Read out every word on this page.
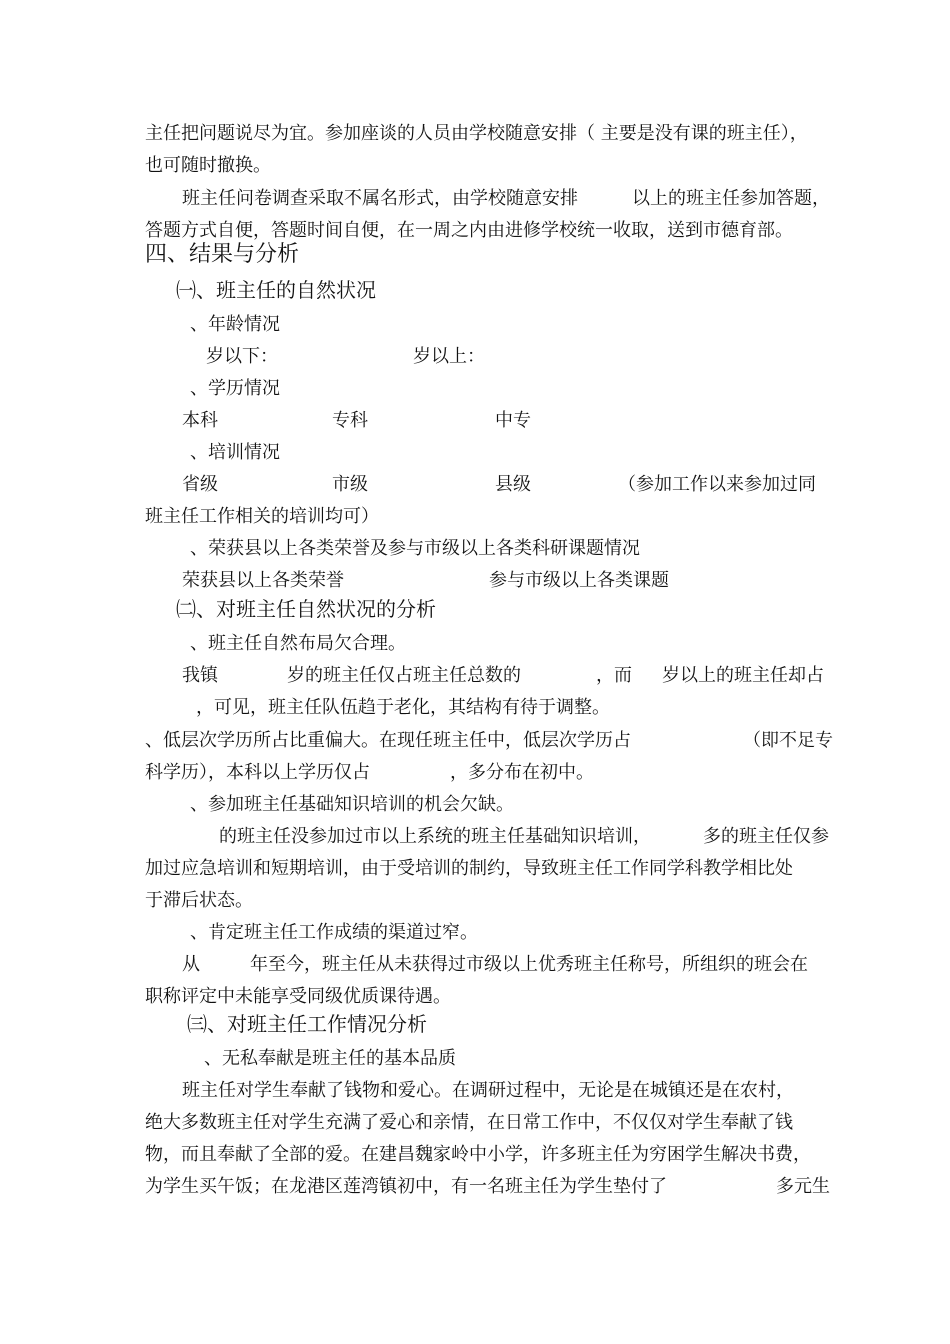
主任把问题说尽为宜。参加座谈的人员由学校随意安排（ 主要是没有课的班主任），
也可随时撤换。
班主任问卷调查采取不属名形式，由学校随意安排	以上的班主任参加答题，
答题方式自便，答题时间自便，在一周之内由进修学校统一收取，送到市德育部。
四、结果与分析
㈠、班主任的自然状况
、年龄情况
岁以下：	岁以上：
、学历情况
本科	专科	中专
、培训情况
省级	市级	县级	（参加工作以来参加过同
班主任工作相关的培训均可）
、荣获县以上各类荣誉及参与市级以上各类科研课题情况
荣获县以上各类荣誉	参与市级以上各类课题
㈡、对班主任自然状况的分析
、班主任自然布局欠合理。
我镇	岁的班主任仅占班主任总数的	，而 岁以上的班主任却占
，可见，班主任队伍趋于老化，其结构有待于调整。
、低层次学历所占比重偏大。在现任班主任中，低层次学历占	（即不足专
科学历），本科以上学历仅占	，多分布在初中。
、参加班主任基础知识培训的机会欠缺。
的班主任没参加过市以上系统的班主任基础知识培训，	多的班主任仅参
加过应急培训和短期培训，由于受培训的制约，导致班主任工作同学科教学相比处
于滞后状态。
、肯定班主任工作成绩的渠道过窄。
从	年至今，班主任从未获得过市级以上优秀班主任称号，所组织的班会在
职称评定中未能享受同级优质课待遇。
㈢、对班主任工作情况分析
、无私奉献是班主任的基本品质
班主任对学生奉献了钱物和爱心。在调研过程中，无论是在城镇还是在农村，
绝大多数班主任对学生充满了爱心和亲情，在日常工作中，不仅仅对学生奉献了钱
物，而且奉献了全部的爱。在建昌魏家岭中小学，许多班主任为穷困学生解决书费，
为学生买午饭；在龙港区莲湾镇初中，有一名班主任为学生垫付了	多元生
